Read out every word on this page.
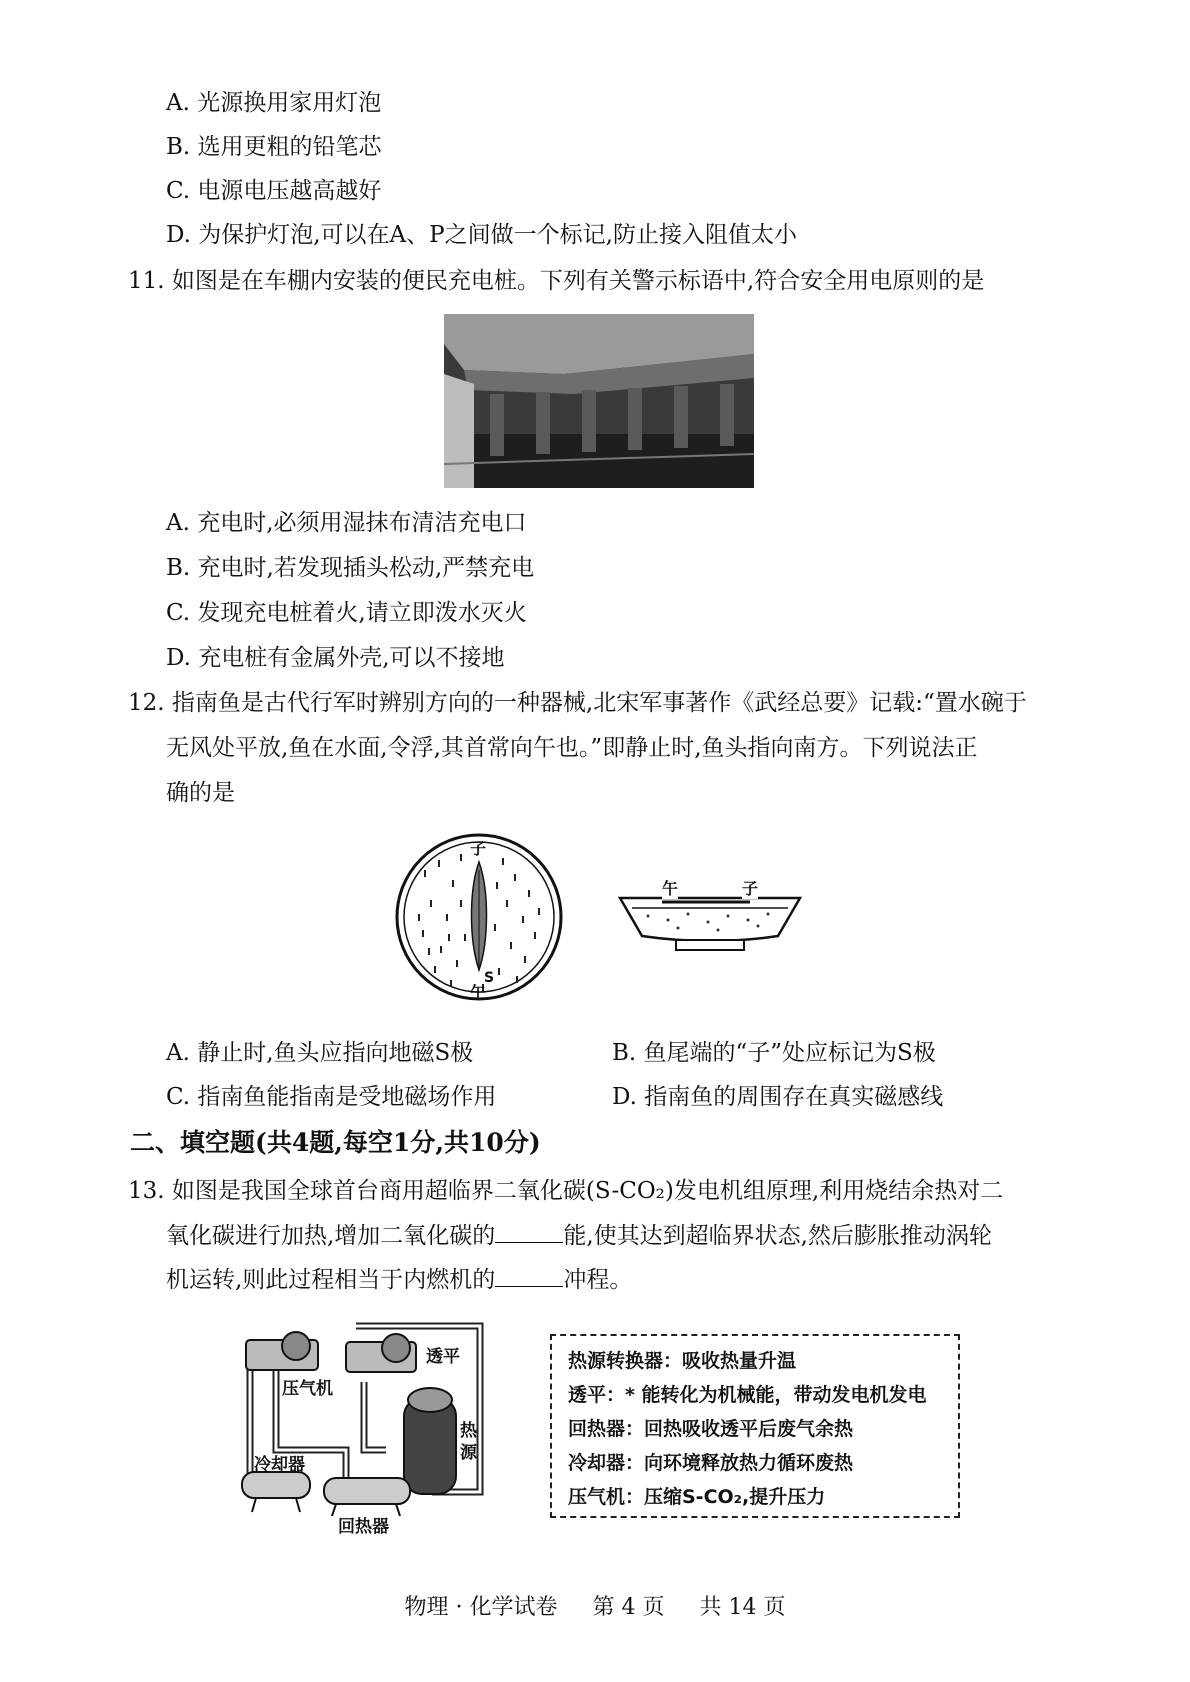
A. 光源换用家用灯泡
B. 选用更粗的铅笔芯
C. 电源电压越高越好
D. 为保护灯泡,可以在A、P之间做一个标记,防止接入阻值太小
11. 如图是在车棚内安装的便民充电桩。下列有关警示标语中,符合安全用电原则的是
A. 充电时,必须用湿抹布清洁充电口
B. 充电时,若发现插头松动,严禁充电
C. 发现充电桩着火,请立即泼水灭火
D. 充电桩有金属外壳,可以不接地
12. 指南鱼是古代行军时辨别方向的一种器械,北宋军事著作《武经总要》记载:“置水碗于
无风处平放,鱼在水面,令浮,其首常向午也。”即静止时,鱼头指向南方。下列说法正
确的是
子
S
午
午	子
A. 静止时,鱼头应指向地磁S极	B. 鱼尾端的“子”处应标记为S极
C. 指南鱼能指南是受地磁场作用	D. 指南鱼的周围存在真实磁感线
二、填空题(共4题,每空1分,共10分)
13. 如图是我国全球首台商用超临界二氧化碳(S-CO₂)发电机组原理,利用烧结余热对二
氧化碳进行加热,增加二氧化碳的	能,使其达到超临界状态,然后膨胀推动涡轮
机运转,则此过程相当于内燃机的	冲程。
压气机
透平
热源
冷却器
回热器
热源转换器：吸收热量升温
透平：* 能转化为机械能，带动发电机发电
回热器：回热吸收透平后废气余热
冷却器：向环境释放热力循环废热
压气机：压缩S-CO₂,提升压力
物理 · 化学试卷 第 4 页 共 14 页
